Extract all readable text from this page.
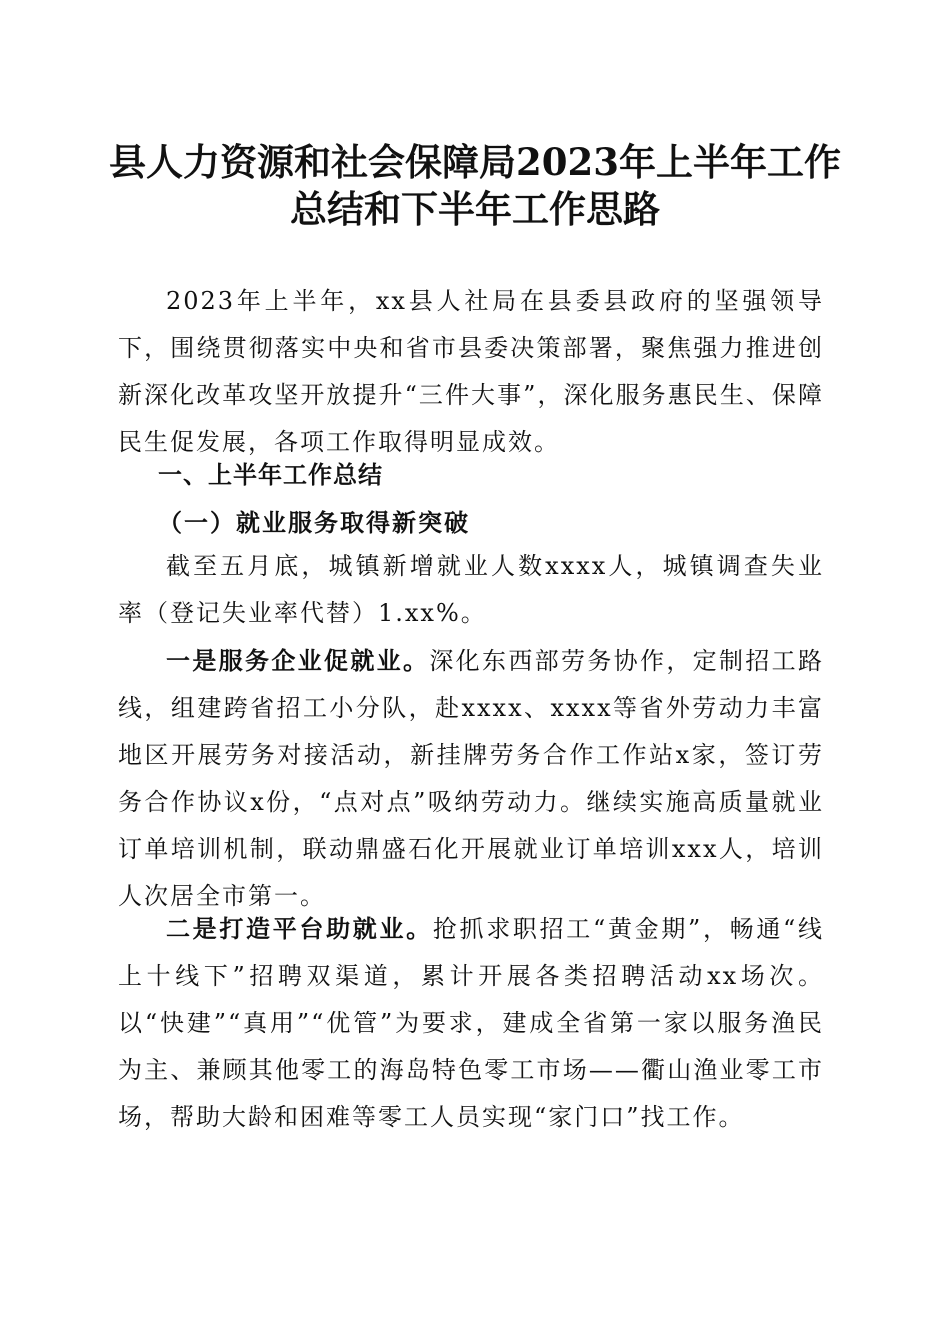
县人力资源和社会保障局2023年上半年工作
总结和下半年工作思路

2023年上半年，xx县人社局在县委县政府的坚强领导下，围绕贯彻落实中央和省市县委决策部署，聚焦强力推进创新深化改革攻坚开放提升“三件大事”，深化服务惠民生、保障民生促发展，各项工作取得明显成效。

一、上半年工作总结
（一）就业服务取得新突破

截至五月底，城镇新增就业人数xxxx人，城镇调查失业率（登记失业率代替）1.xx%。

一是服务企业促就业。深化东西部劳务协作，定制招工路线，组建跨省招工小分队，赴xxxx、xxxx等省外劳动力丰富地区开展劳务对接活动，新挂牌劳务合作工作站x家，签订劳务合作协议x份，“点对点”吸纳劳动力。继续实施高质量就业订单培训机制，联动鼎盛石化开展就业订单培训xxx人，培训人次居全市第一。

二是打造平台助就业。抢抓求职招工“黄金期”，畅通“线上十线下”招聘双渠道，累计开展各类招聘活动xx场次。以“快建”“真用”“优管”为要求，建成全省第一家以服务渔民为主、兼顾其他零工的海岛特色零工市场——衢山渔业零工市场，帮助大龄和困难等零工人员实现“家门口”找工作。
